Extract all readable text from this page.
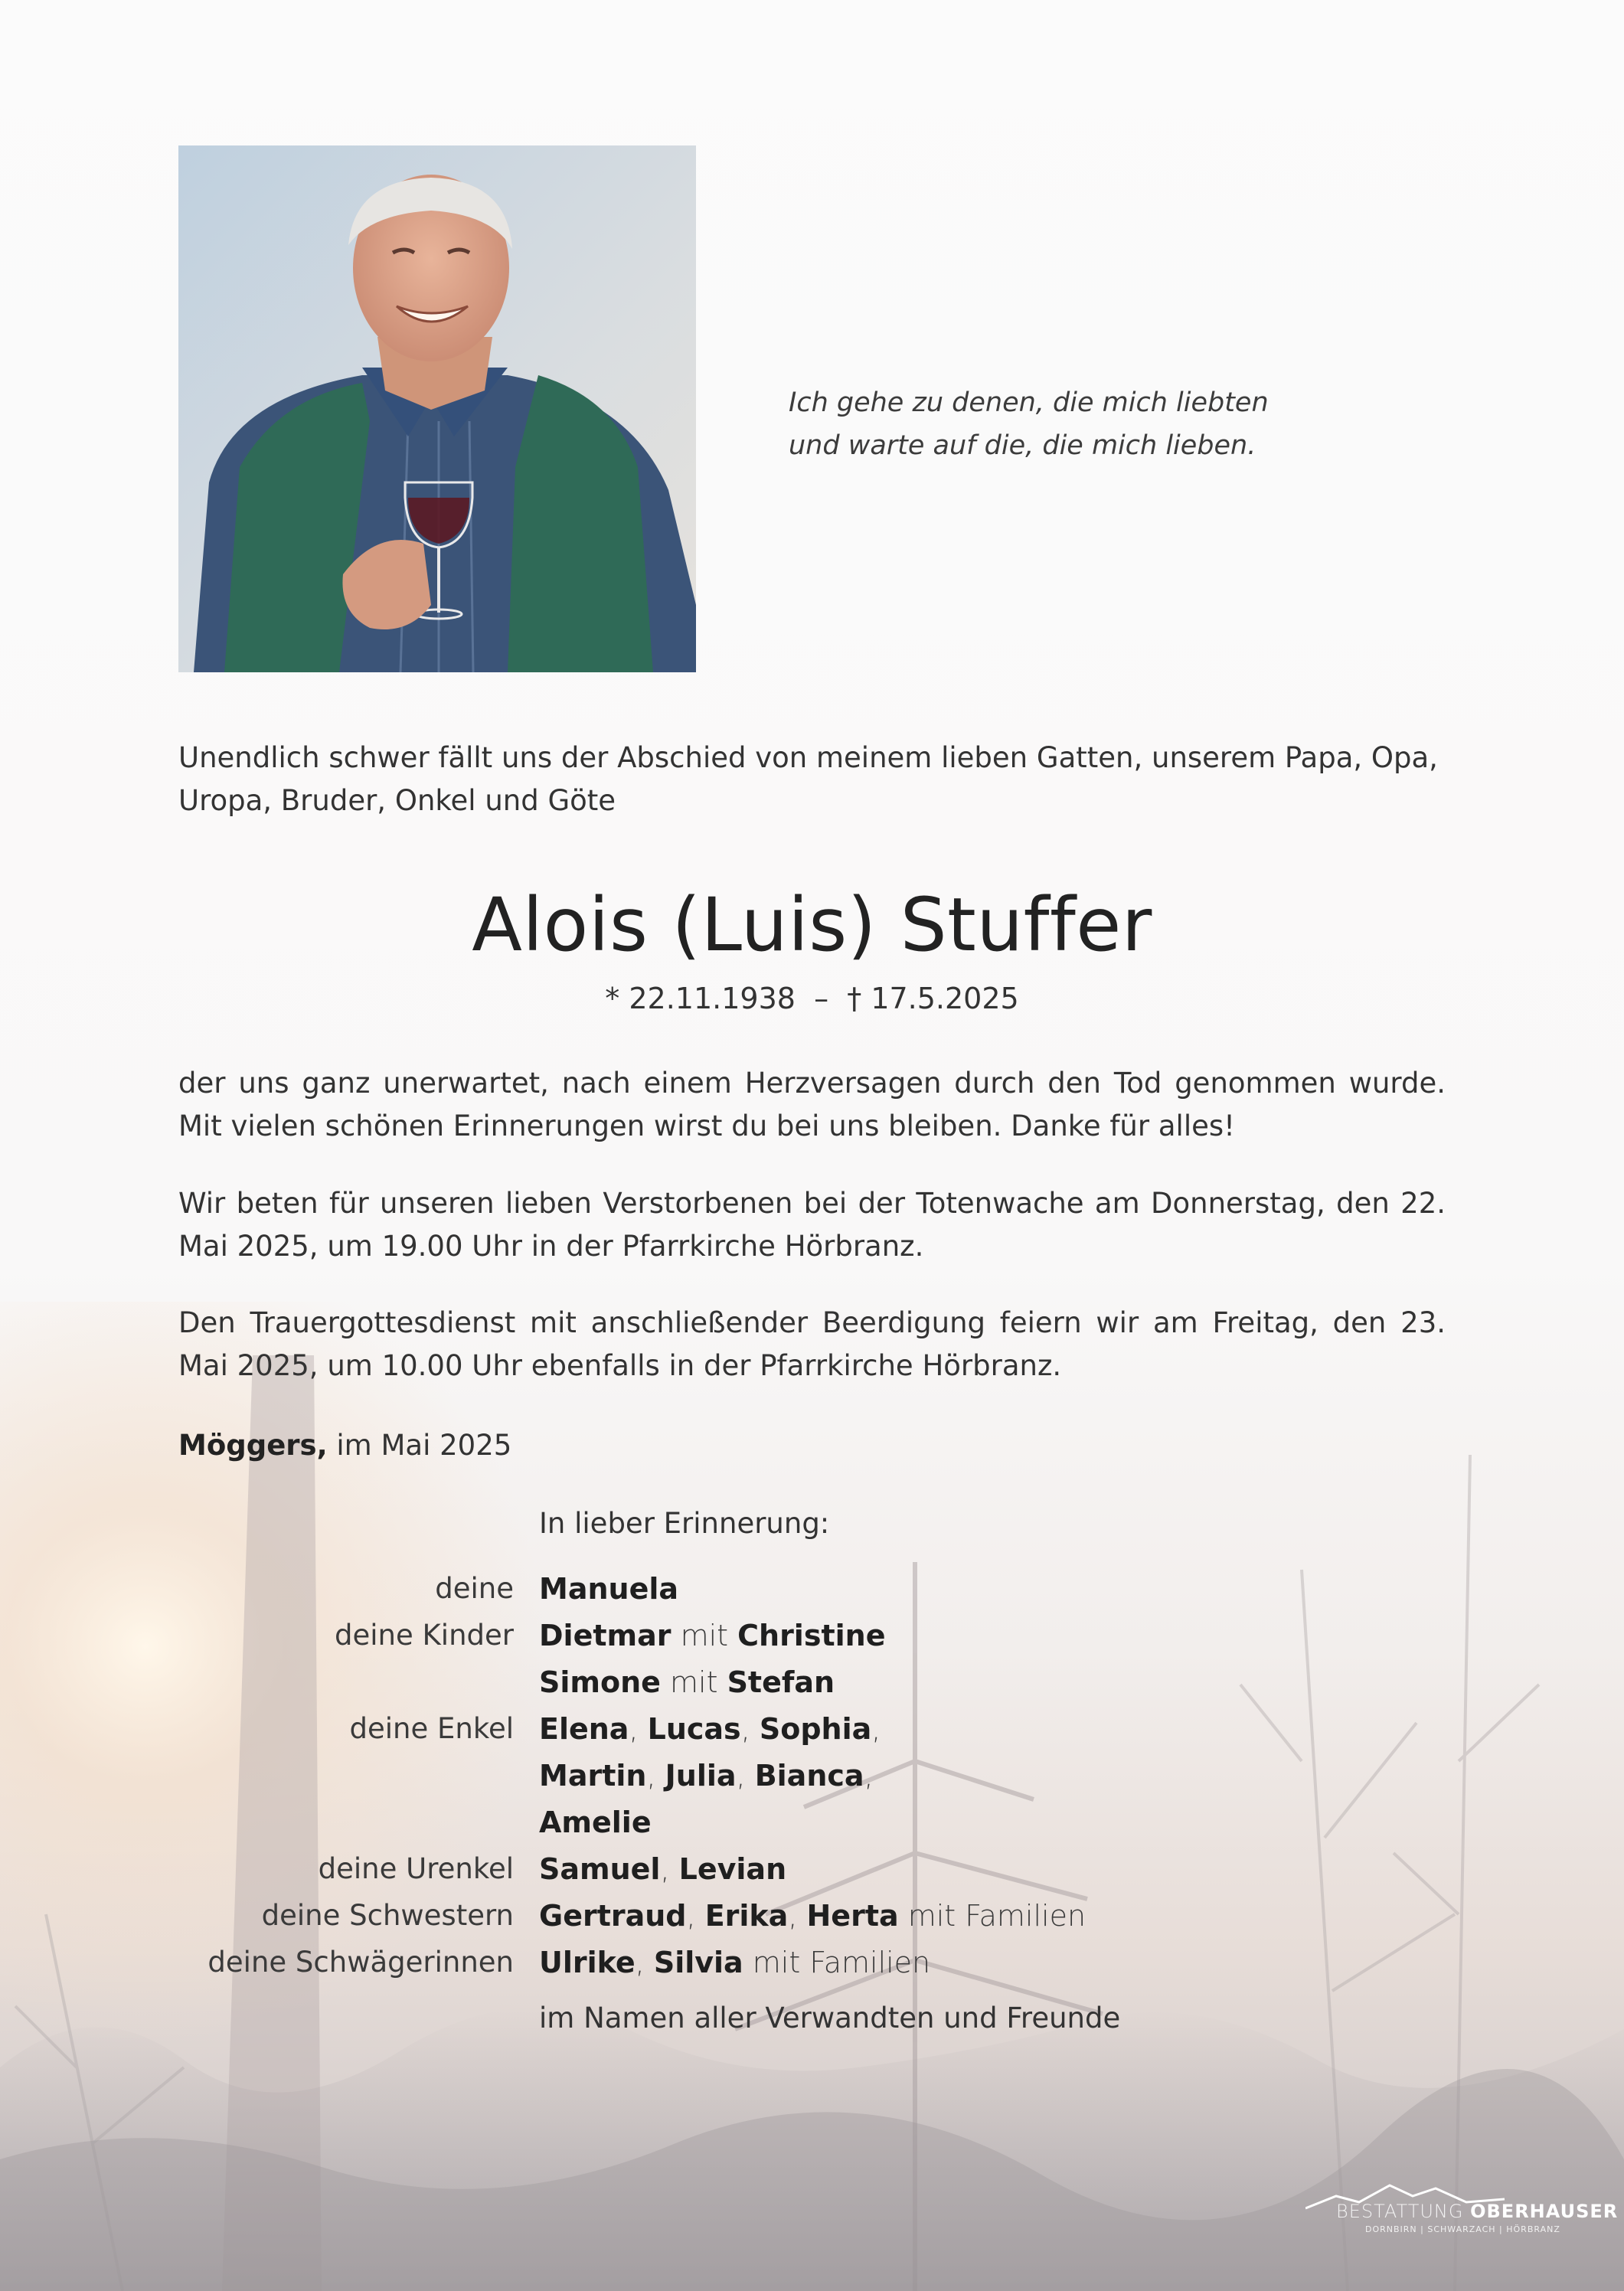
Ich gehe zu denen, die mich liebten
und warte auf die, die mich lieben.
Unendlich schwer fällt uns der Abschied von meinem lieben Gatten, unserem Papa, Opa, Uropa, Bruder, Onkel und Göte
Alois (Luis) Stuffer
* 22.11.1938  –  † 17.5.2025
der uns ganz unerwartet, nach einem Herzversagen durch den Tod genommen wurde. Mit vielen schönen Erinnerungen wirst du bei uns bleiben. Danke für alles!
Wir beten für unseren lieben Verstorbenen bei der Totenwache am Donnerstag, den 22. Mai 2025, um 19.00 Uhr in der Pfarrkirche Hörbranz.
Den Trauergottesdienst mit anschließender Beerdigung feiern wir am Freitag, den 23. Mai 2025, um 10.00 Uhr ebenfalls in der Pfarrkirche Hörbranz.
Möggers, im Mai 2025
In lieber Erinnerung:
deine Manuela
deine Kinder Dietmar mit Christine
Simone mit Stefan
deine Enkel Elena, Lucas, Sophia,
Martin, Julia, Bianca,
Amelie
deine Urenkel Samuel, Levian
deine Schwestern Gertraud, Erika, Herta mit Familien
deine Schwägerinnen Ulrike, Silvia mit Familien
im Namen aller Verwandten und Freunde
BESTATTUNG OBERHAUSER
DORNBIRN | SCHWARZACH | HÖRBRANZ
